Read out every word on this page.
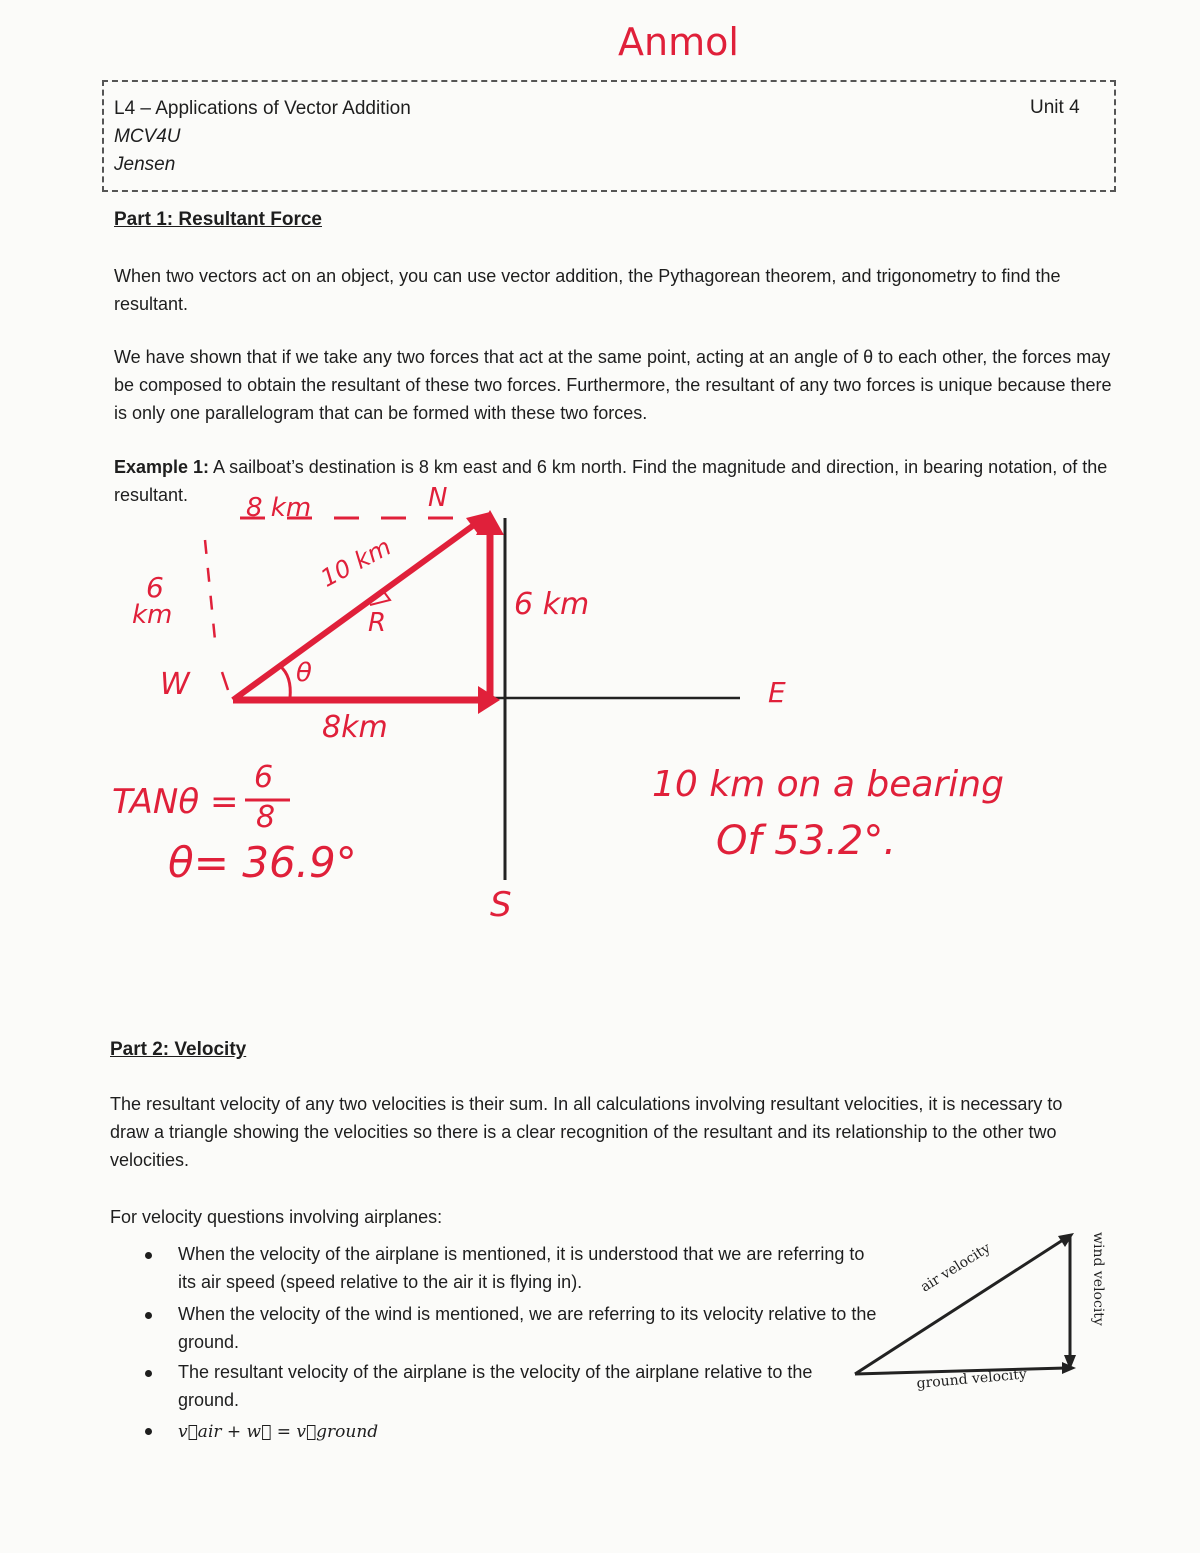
Anmol
L4 – Applications of Vector Addition
MCV4U
Jensen
Unit 4
Part 1: Resultant Force
When two vectors act on an object, you can use vector addition, the Pythagorean theorem, and trigonometry to find the resultant.
We have shown that if we take any two forces that act at the same point, acting at an angle of θ to each other, the forces may be composed to obtain the resultant of these two forces. Furthermore, the resultant of any two forces is unique because there is only one parallelogram that can be formed with these two forces.
Example 1: A sailboat’s destination is 8 km east and 6 km north. Find the magnitude and direction, in bearing notation, of the resultant.	8 km	N
6
km
W
10 km
R
θ
8km
6 km
E
S
TANθ =
6
8
θ= 36.9°
10 km on a bearing
Of 53.2°.
Part 2: Velocity
The resultant velocity of any two velocities is their sum. In all calculations involving resultant velocities, it is necessary to draw a triangle showing the velocities so there is a clear recognition of the resultant and its relationship to the other two velocities.
For velocity questions involving airplanes:
When the velocity of the airplane is mentioned, it is understood that we are referring to its air speed (speed relative to the air it is flying in).
When the velocity of the wind is mentioned, we are referring to its velocity relative to the ground.
The resultant velocity of the airplane is the velocity of the airplane relative to the ground.
v⃗air + w⃗ = v⃗ground
air velocity	wind velocity
ground velocity
